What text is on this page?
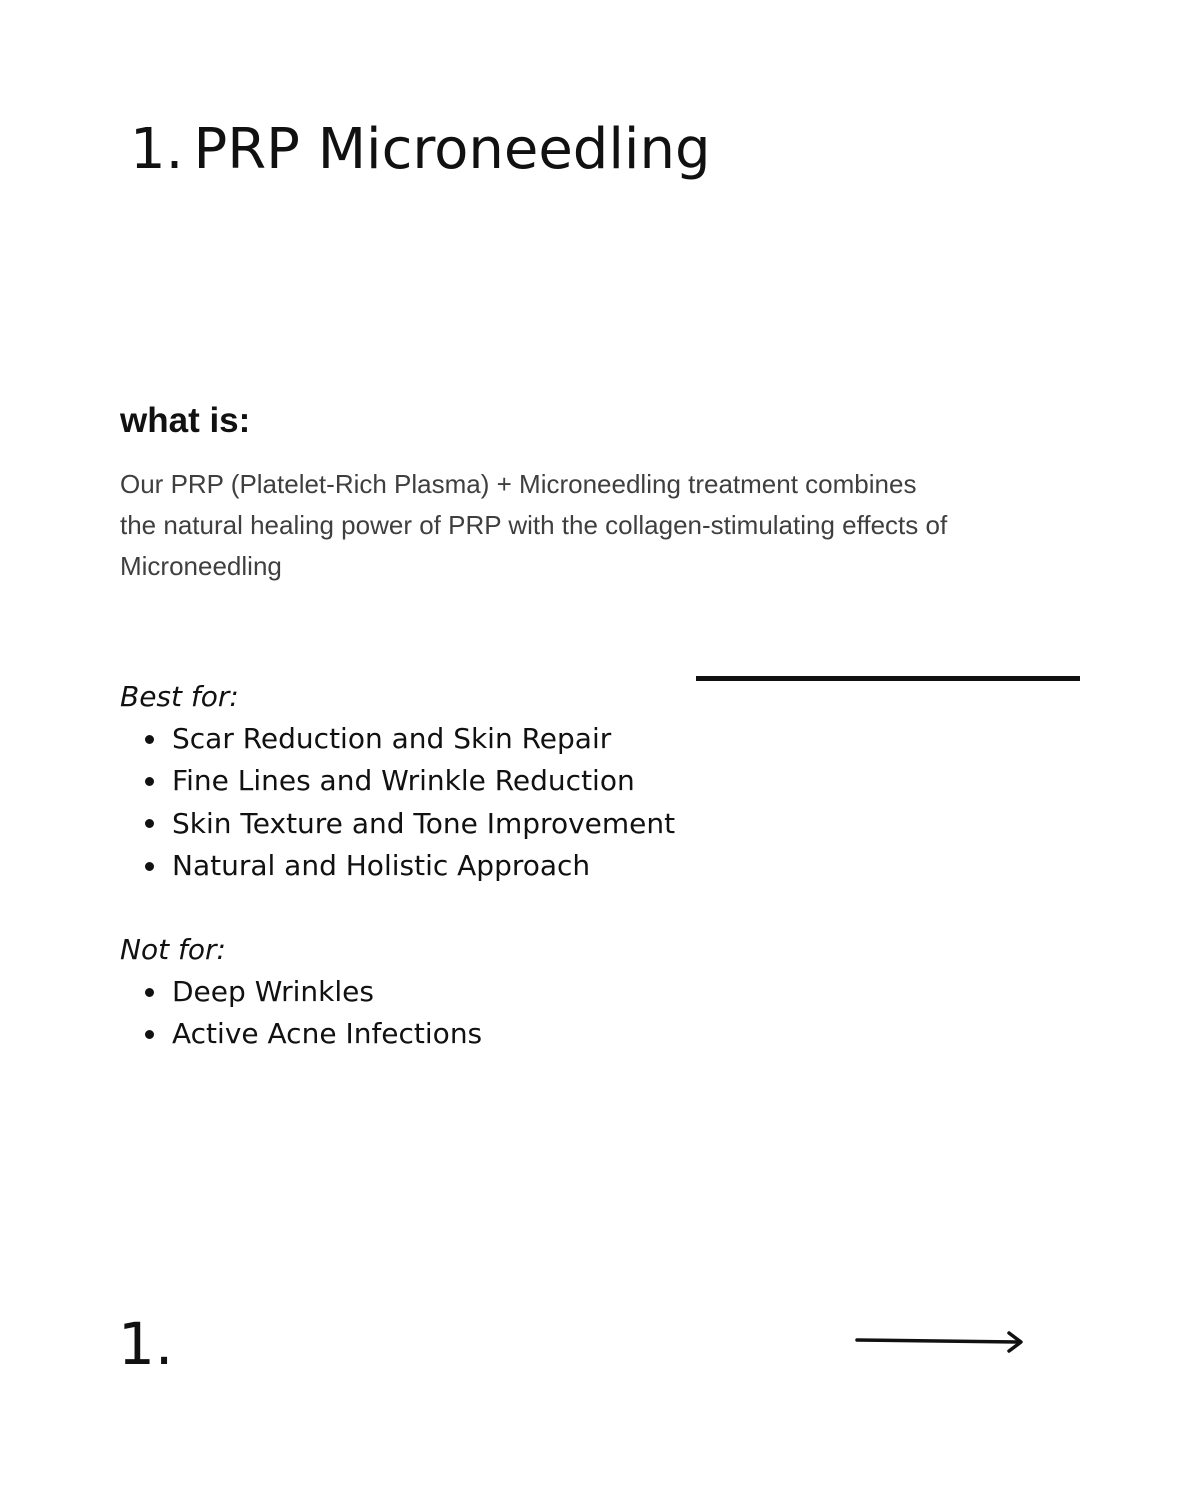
1. PRP Microneedling
what is:

Our PRP (Platelet-Rich Plasma) + Microneedling treatment combines the natural healing power of PRP with the collagen-stimulating effects of Microneedling

Best for:

Scar Reduction and Skin Repair
Fine Lines and Wrinkle Reduction
Skin Texture and Tone Improvement
Natural and Holistic Approach

Not for:

Deep Wrinkles
Active Acne Infections

1.
